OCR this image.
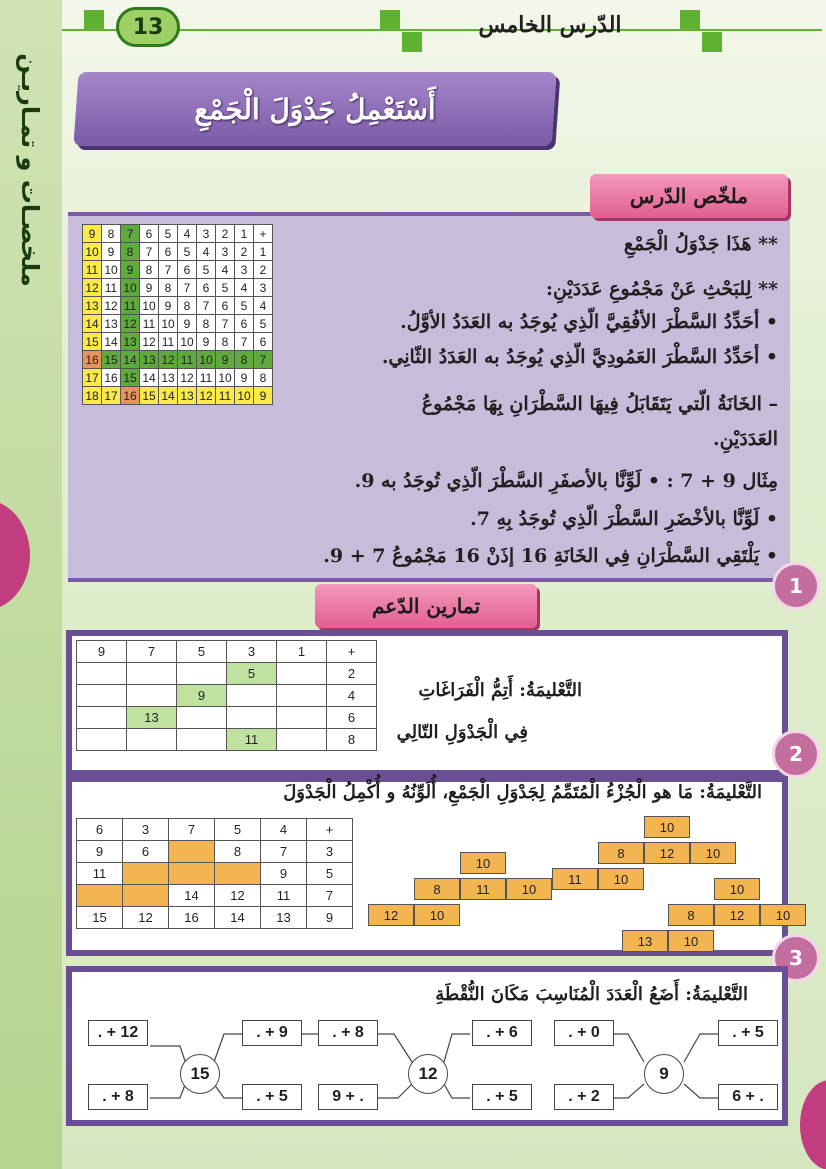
13	الدّرس الخامس
ملخصـات و تمـاريـن	أَسْتَعْمِلُ جَدْوَلَ الْجَمْعِ
ملخّص الدّرس
9	8	7	6	5	4	3	2	1	+
10	9	8	7	6	5	4	3	2	1
11	10	9	8	7	6	5	4	3	2
12	11	10	9	8	7	6	5	4	3
13	12	11	10	9	8	7	6	5	4
14	13	12	11	10	9	8	7	6	5
15	14	13	12	11	10	9	8	7	6
16	15	14	13	12	11	10	9	8	7
17	16	15	14	13	12	11	10	9	8
18	17	16	15	14	13	12	11	10	9
** هَذَا جَدْوَلُ الْجَمْعِ
** لِلبَحْثِ عَنْ مَجْمُوعِ عَدَدَيْنِ:
• أحَدِّدُ السَّطْرَ الأفُقِيَّ الّذِي يُوجَدُ به العَدَدُ الأوَّلُ.
• أحَدِّدُ السَّطْرَ العَمُودِيَّ الّذِي يُوجَدُ به العَدَدُ الثّانِي.
– الخَانَةُ الّتي يَتَقَابَلُ فِيهَا السَّطْرَانِ بِهَا مَجْمُوعُ
العَدَدَيْنِ.
مِثَال 9 + 7 : • لَوِّنَّا بالأصفَرِ السَّطْرَ الّذِي تُوجَدُ به 9.
• لَوِّنَّا بالأخْضَرِ السَّطْرَ الّذِي تُوجَدُ بِهِ 7.
• يَلْتَقِي السَّطْرَانِ فِي الخَانَةِ 16 إذَنْ 16 مَجْمُوعُ 7 + 9.
تمارين الدّعم
1
9	7	5	3	1	+
			5		2
		9			4
	13				6
			11		8
التَّعْليمَةُ: أَتِمُّ الْفَرَاغَاتِ
فِي الْجَدْوَلِ التّالِي
2
التَّعْليمَةُ: مَا هو الْجُزْءُ الْمُتَمِّمُ لِجَدْوَلِ الْجَمْعِ، أُلَوِّنُهُ و أُكْمِلُ الْجَدْوَلَ
6	3	7	5	4	+
9	6		8	7	3
11				9	5
		14	12	11	7
15	12	16	14	13	9
10
8	11	10
12	10
10
8	12	10
11	10
10
8	12	10
13	10
3
التَّعْليمَةُ: أَضَعُ الْعَدَدَ الْمُنَاسِبَ مَكَانَ النُّقْطَةِ
. + 12
. + 8
15
. + 9
. + 5
. + 8
9 + .
12
. + 6
. + 5
. + 0
. + 2
9
. + 5
6 + .
